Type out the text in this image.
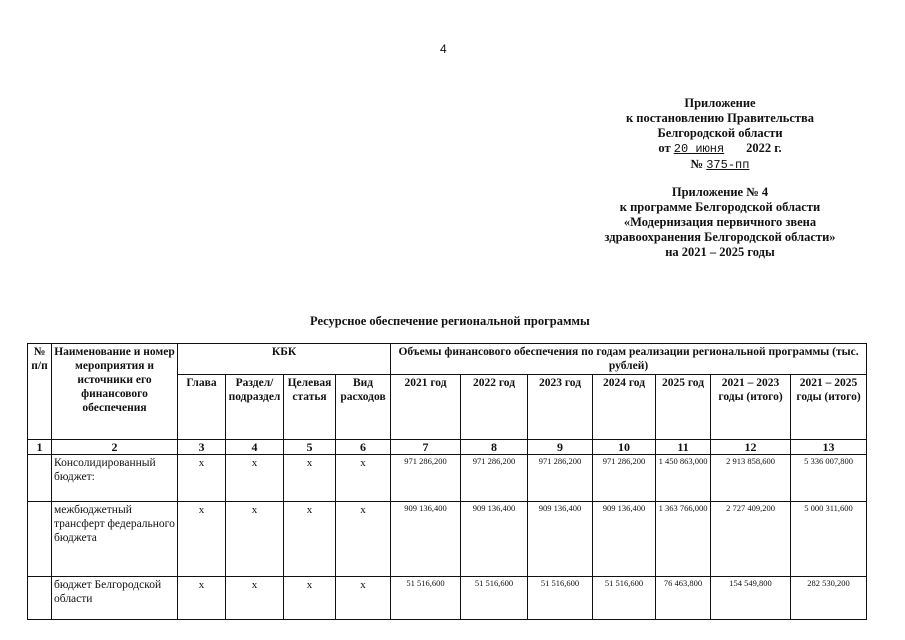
4
Приложение
к постановлению Правительства
Белгородской области
от 20 июня 2022 г.
№ 375-пп
Приложение № 4
к программе Белгородской области
«Модернизация первичного звена
здравоохранения Белгородской области»
на 2021 – 2025 годы
Ресурсное обеспечение региональной программы
№ п/п	Наименование и номер мероприятия и источники его финансового обеспечения	КБК				Объемы финансового обеспечения по годам реализации региональной программы (тыс. рублей)						
		Глава	Раздел/ подраздел	Целевая статья	Вид расходов	2021 год	2022 год	2023 год	2024 год	2025 год	2021 – 2023 годы (итого)	2021 – 2025 годы (итого)
1	2	3	4	5	6	7	8	9	10	11	12	13
	Консолидированный бюджет:	х	х	х	х	971 286,200	971 286,200	971 286,200	971 286,200	1 450 863,000	2 913 858,600	5 336 007,800
	межбюджетный трансферт федерального бюджета	х	х	х	х	909 136,400	909 136,400	909 136,400	909 136,400	1 363 766,000	2 727 409,200	5 000 311,600
	бюджет Белгородской области	х	х	х	х	51 516,600	51 516,600	51 516,600	51 516,600	76 463,800	154 549,800	282 530,200
